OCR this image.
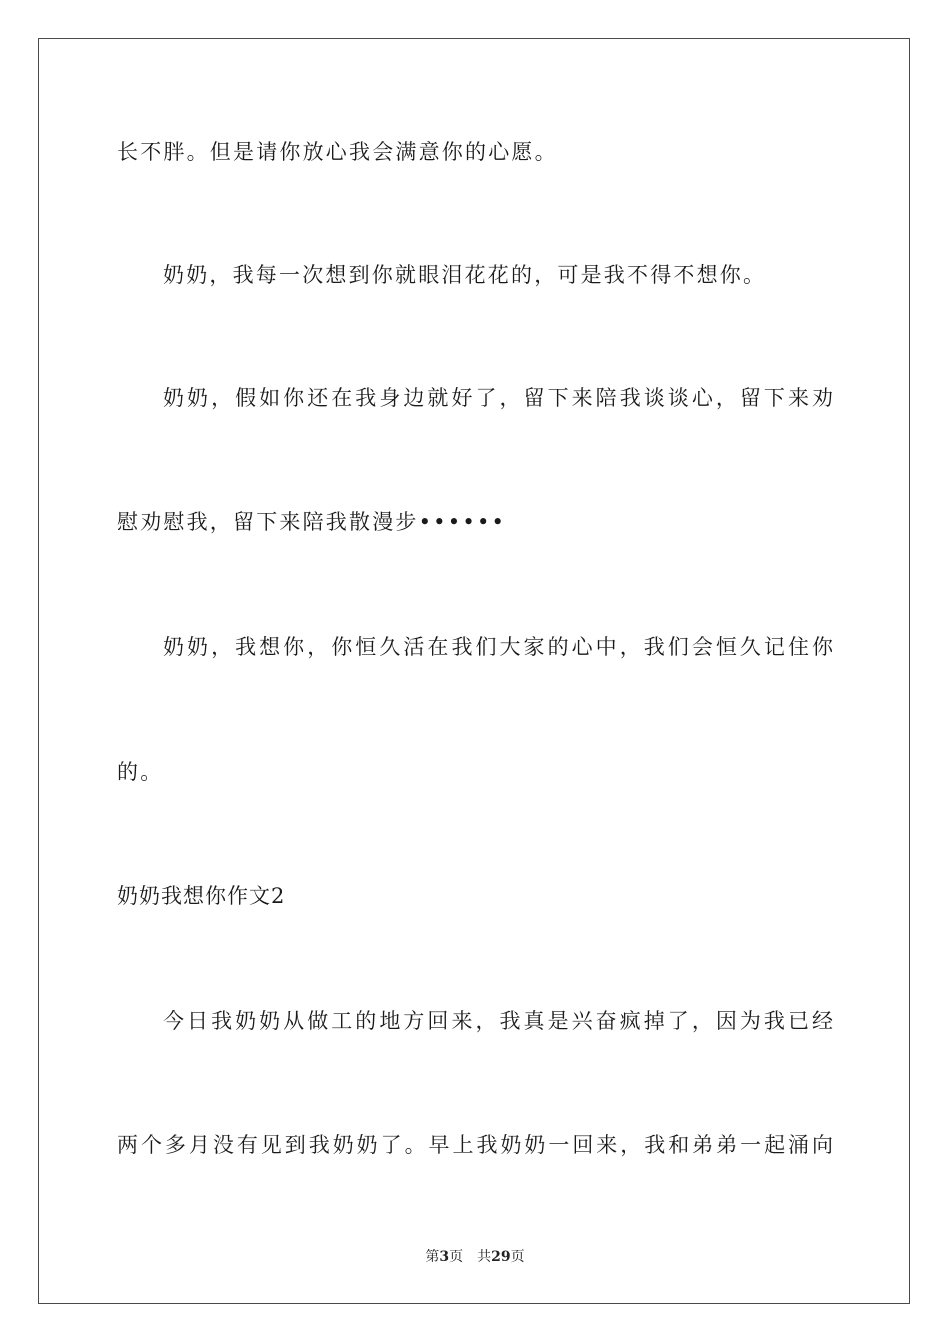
长不胖。但是请你放心我会满意你的心愿。
奶奶，我每一次想到你就眼泪花花的，可是我不得不想你。
奶奶，假如你还在我身边就好了，留下来陪我谈谈心，留下来劝
慰劝慰我，留下来陪我散漫步••••••
奶奶，我想你，你恒久活在我们大家的心中，我们会恒久记住你
的。
奶奶我想你作文2
今日我奶奶从做工的地方回来，我真是兴奋疯掉了，因为我已经
两个多月没有见到我奶奶了。早上我奶奶一回来，我和弟弟一起涌向
第3页 共29页
